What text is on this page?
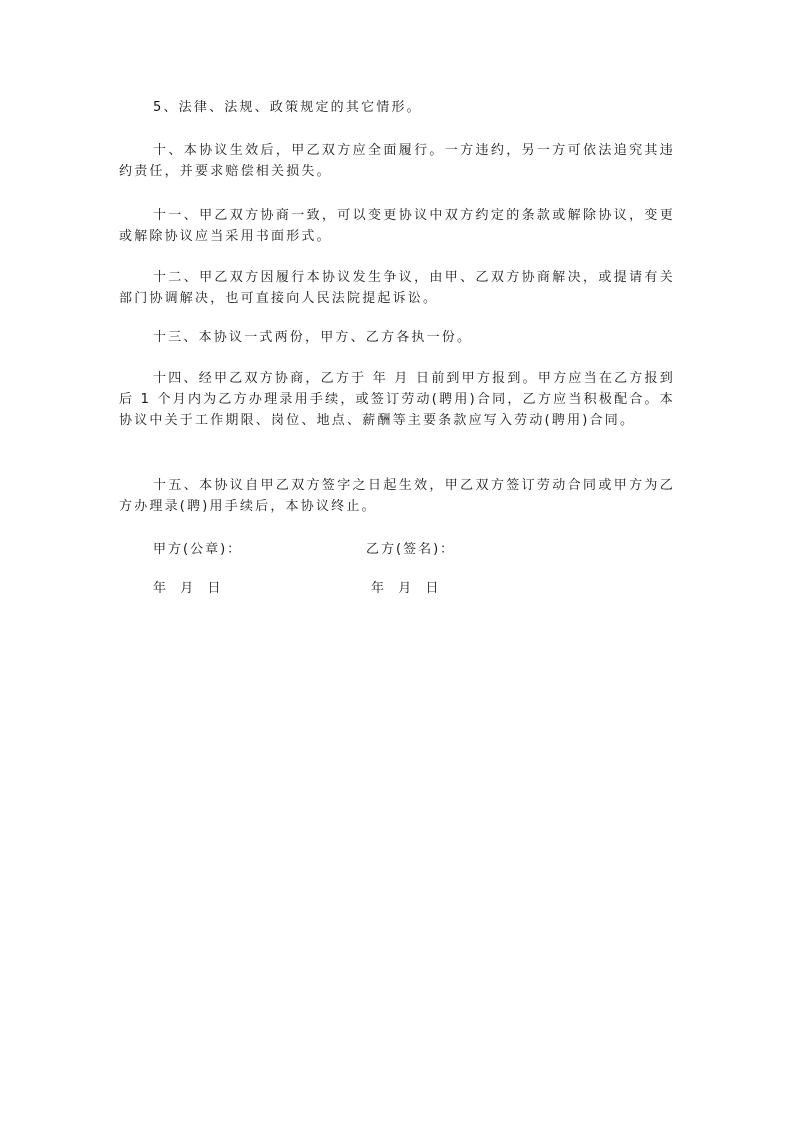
5、法律、法规、政策规定的其它情形。

十、本协议生效后，甲乙双方应全面履行。一方违约，另一方可依法追究其违约责任，并要求赔偿相关损失。

十一、甲乙双方协商一致，可以变更协议中双方约定的条款或解除协议，变更或解除协议应当采用书面形式。

十二、甲乙双方因履行本协议发生争议，由甲、乙双方协商解决，或提请有关部门协调解决，也可直接向人民法院提起诉讼。

十三、本协议一式两份，甲方、乙方各执一份。

十四、经甲乙双方协商，乙方于 年 月 日前到甲方报到。甲方应当在乙方报到后 1 个月内为乙方办理录用手续，或签订劳动(聘用)合同，乙方应当积极配合。本协议中关于工作期限、岗位、地点、薪酬等主要条款应写入劳动(聘用)合同。

十五、本协议自甲乙双方签字之日起生效，甲乙双方签订劳动合同或甲方为乙方办理录(聘)用手续后，本协议终止。

甲方(公章)：	乙方(签名)：
年  月  日	年  月  日
